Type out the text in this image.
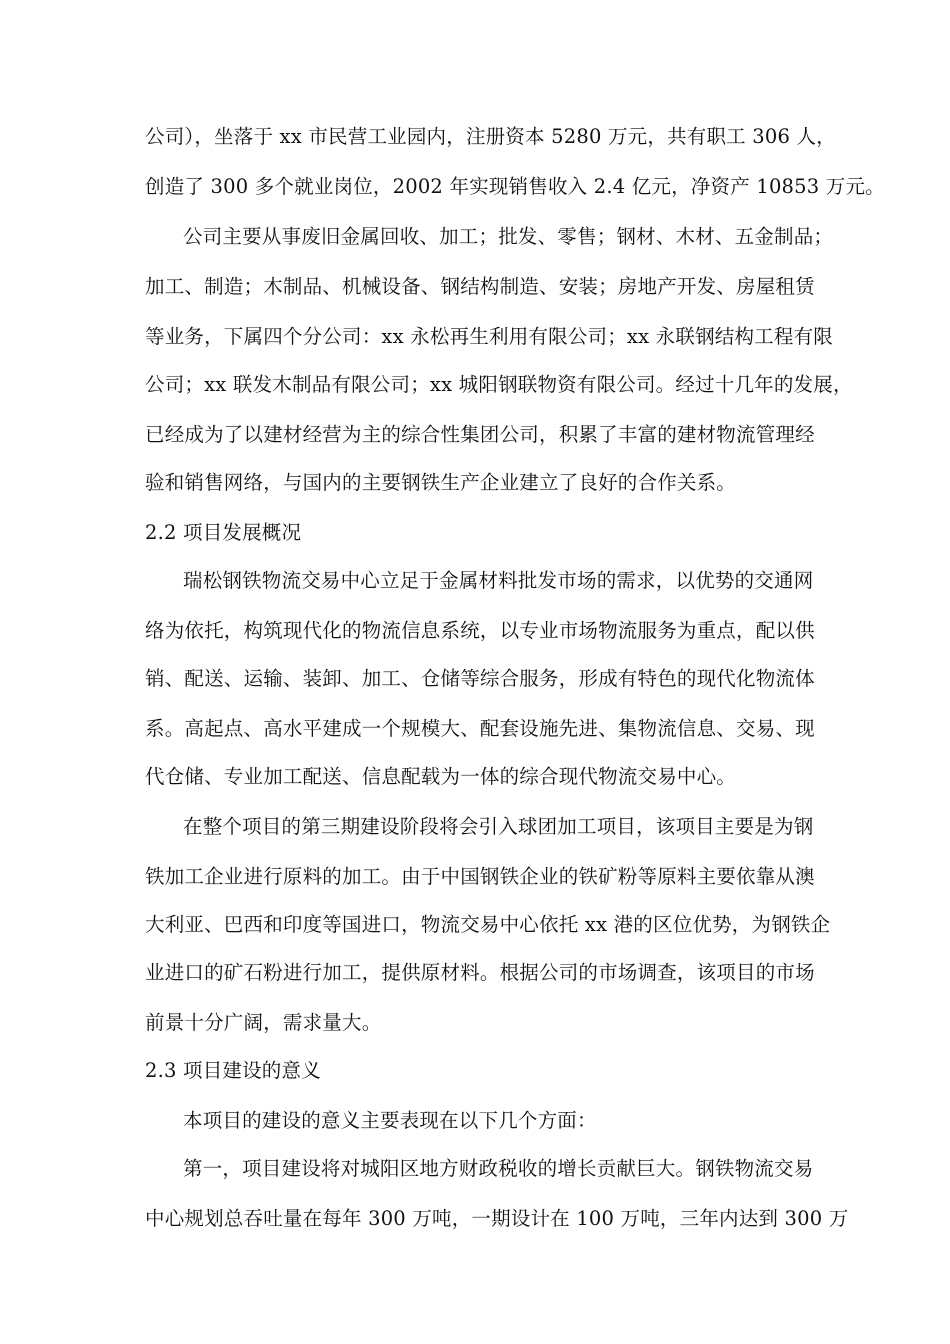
公司），坐落于 xx 市民营工业园内，注册资本 5280 万元，共有职工 306 人，
创造了 300 多个就业岗位，2002 年实现销售收入 2.4 亿元，净资产 10853 万元。
公司主要从事废旧金属回收、加工；批发、零售；钢材、木材、五金制品；
加工、制造；木制品、机械设备、钢结构制造、安装；房地产开发、房屋租赁
等业务，下属四个分公司：xx 永松再生利用有限公司；xx 永联钢结构工程有限
公司；xx 联发木制品有限公司；xx 城阳钢联物资有限公司。经过十几年的发展，
已经成为了以建材经营为主的综合性集团公司，积累了丰富的建材物流管理经
验和销售网络，与国内的主要钢铁生产企业建立了良好的合作关系。
2.2 项目发展概况
瑞松钢铁物流交易中心立足于金属材料批发市场的需求，以优势的交通网
络为依托，构筑现代化的物流信息系统，以专业市场物流服务为重点，配以供
销、配送、运输、装卸、加工、仓储等综合服务，形成有特色的现代化物流体
系。高起点、高水平建成一个规模大、配套设施先进、集物流信息、交易、现
代仓储、专业加工配送、信息配载为一体的综合现代物流交易中心。
在整个项目的第三期建设阶段将会引入球团加工项目，该项目主要是为钢
铁加工企业进行原料的加工。由于中国钢铁企业的铁矿粉等原料主要依靠从澳
大利亚、巴西和印度等国进口，物流交易中心依托 xx 港的区位优势，为钢铁企
业进口的矿石粉进行加工，提供原材料。根据公司的市场调查，该项目的市场
前景十分广阔，需求量大。
2.3 项目建设的意义
本项目的建设的意义主要表现在以下几个方面：
第一，项目建设将对城阳区地方财政税收的增长贡献巨大。钢铁物流交易
中心规划总吞吐量在每年 300 万吨，一期设计在 100 万吨，三年内达到 300 万
